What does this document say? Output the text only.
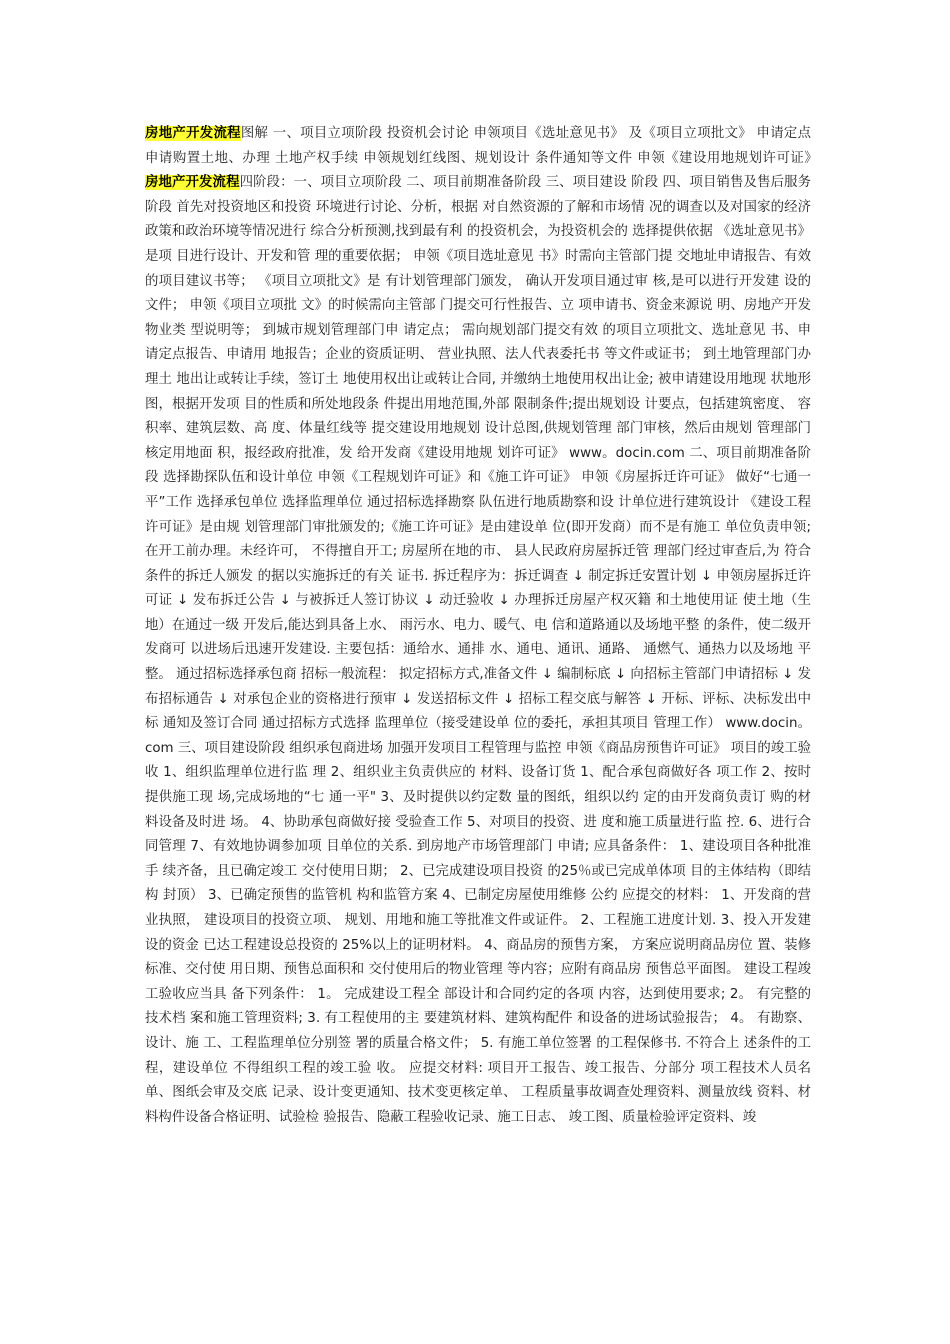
房地产开发流程图解 一、项目立项阶段 投资机会讨论 申领项目《选址意见书》 及《项目立项批文》 申请定点 申请购置土地、办理 土地产权手续 申领规划红线图、规划设计 条件通知等文件 申领《建设用地规划许可证》　房地产开发流程四阶段：一、项目立项阶段 二、项目前期准备阶段 三、项目建设 阶段 四、项目销售及售后服务阶段 首先对投资地区和投资 环境进行讨论、分析，根据 对自然资源的了解和市场情 况的调查以及对国家的经济 政策和政治环境等情况进行 综合分析预测,找到最有利 的投资机会，为投资机会的 选择提供依据 《选址意见书》是项 目进行设计、开发和管 理的重要依据； 申领《项目选址意见 书》时需向主管部门提 交地址申请报告、有效 的项目建议书等； 《项目立项批文》是 有计划管理部门颁发， 确认开发项目通过审 核,是可以进行开发建 设的文件； 申领《项目立项批 文》的时候需向主管部 门提交可行性报告、立 项申请书、资金来源说 明、房地产开发物业类 型说明等； 到城市规划管理部门申 请定点； 需向规划部门提交有效 的项目立项批文、选址意见 书、申请定点报告、申请用 地报告；企业的资质证明、 营业执照、法人代表委托书 等文件或证书； 到土地管理部门办理土 地出让或转让手续，签订土 地使用权出让或转让合同, 并缴纳土地使用权出让金; 被申请建设用地现 状地形图，根据开发项 目的性质和所处地段条 件提出用地范围,外部 限制条件;提出规划设 计要点，包括建筑密度、 容积率、建筑层数、高 度、体量红线等 提交建设用地规划 设计总图,供规划管理 部门审核，然后由规划 管理部门核定用地面 积，报经政府批准，发 给开发商《建设用地规 划许可证》 www。docin.com 二、项目前期准备阶段 选择勘探队伍和设计单位 申领《工程规划许可证》和《施工许可证》 申领《房屋拆迁许可证》 做好“七通一平”工作 选择承包单位 选择监理单位 通过招标选择勘察 队伍进行地质勘察和设 计单位进行建筑设计 《建设工程许可证》是由规 划管理部门审批颁发的;《施工许可证》是由建设单 位(即开发商）而不是有施工 单位负责申领; 在开工前办理。未经许可， 不得擅自开工; 房屋所在地的市、 县人民政府房屋拆迁管 理部门经过审查后,为 符合条件的拆迁人颁发 的据以实施拆迁的有关 证书. 拆迁程序为：拆迁调查 ↓ 制定拆迁安置计划 ↓ 申领房屋拆迁许可证 ↓ 发布拆迁公告 ↓ 与被拆迁人签订协议 ↓ 动迁验收 ↓ 办理拆迁房屋产权灭籍 和土地使用证 使土地（生地）在通过一级 开发后,能达到具备上水、 雨污水、电力、暖气、电 信和道路通以及场地平整 的条件，使二级开发商可 以进场后迅速开发建设. 主要包括：通给水、通排 水、通电、通讯、通路、 通燃气、通热力以及场地 平整。 通过招标选择承包商 招标一般流程： 拟定招标方式,准备文件 ↓ 编制标底 ↓ 向招标主管部门申请招标 ↓ 发布招标通告 ↓ 对承包企业的资格进行预审 ↓ 发送招标文件 ↓ 招标工程交底与解答 ↓ 开标、评标、决标发出中标 通知及签订合同 通过招标方式选择 监理单位（接受建设单 位的委托，承担其项目 管理工作） www.docin。com 三、项目建设阶段 组织承包商进场 加强开发项目工程管理与监控 申领《商品房预售许可证》 项目的竣工验收 1、组织监理单位进行监 理 2、组织业主负责供应的 材料、设备订货 1、配合承包商做好各 项工作 2、按时提供施工现 场,完成场地的“七 通一平" 3、及时提供以约定数 量的图纸，组织以约 定的由开发商负责订 购的材料设备及时进 场。 4、协助承包商做好接 受验查工作 5、对项目的投资、进 度和施工质量进行监 控. 6、进行合同管理 7、有效地协调参加项 目单位的关系. 到房地产市场管理部门 申请; 应具备条件： 1、建设项目各种批准手 续齐备，且已确定竣工 交付使用日期； 2、已完成建设项目投资 的25％或已完成单体项 目的主体结构（即结构 封顶） 3、已确定预售的监管机 构和监管方案 4、已制定房屋使用维修 公约 应提交的材料： 1、开发商的营业执照， 建设项目的投资立项、 规划、用地和施工等批准文件或证件。 2、工程施工进度计划. 3、投入开发建设的资金 已达工程建设总投资的 25%以上的证明材料。 4、商品房的预售方案， 方案应说明商品房位 置、装修标准、交付使 用日期、预售总面积和 交付使用后的物业管理 等内容；应附有商品房 预售总平面图。 建设工程竣工验收应当具 备下列条件： 1。 完成建设工程全 部设计和合同约定的各项 内容，达到使用要求; 2。 有完整的技术档 案和施工管理资料; 3. 有工程使用的主 要建筑材料、建筑构配件 和设备的进场试验报告； 4。 有勘察、设计、施 工、工程监理单位分别签 署的质量合格文件； 5. 有施工单位签署 的工程保修书. 不符合上 述条件的工程，建设单位 不得组织工程的竣工验 收。 应提交材料: 项目开工报告、竣工报告、分部分 项工程技术人员名单、图纸会审及交底 记录、设计变更通知、技术变更核定单、 工程质量事故调查处理资料、测量放线 资料、材料构件设备合格证明、试验检 验报告、隐蔽工程验收记录、施工日志、 竣工图、质量检验评定资料、竣
